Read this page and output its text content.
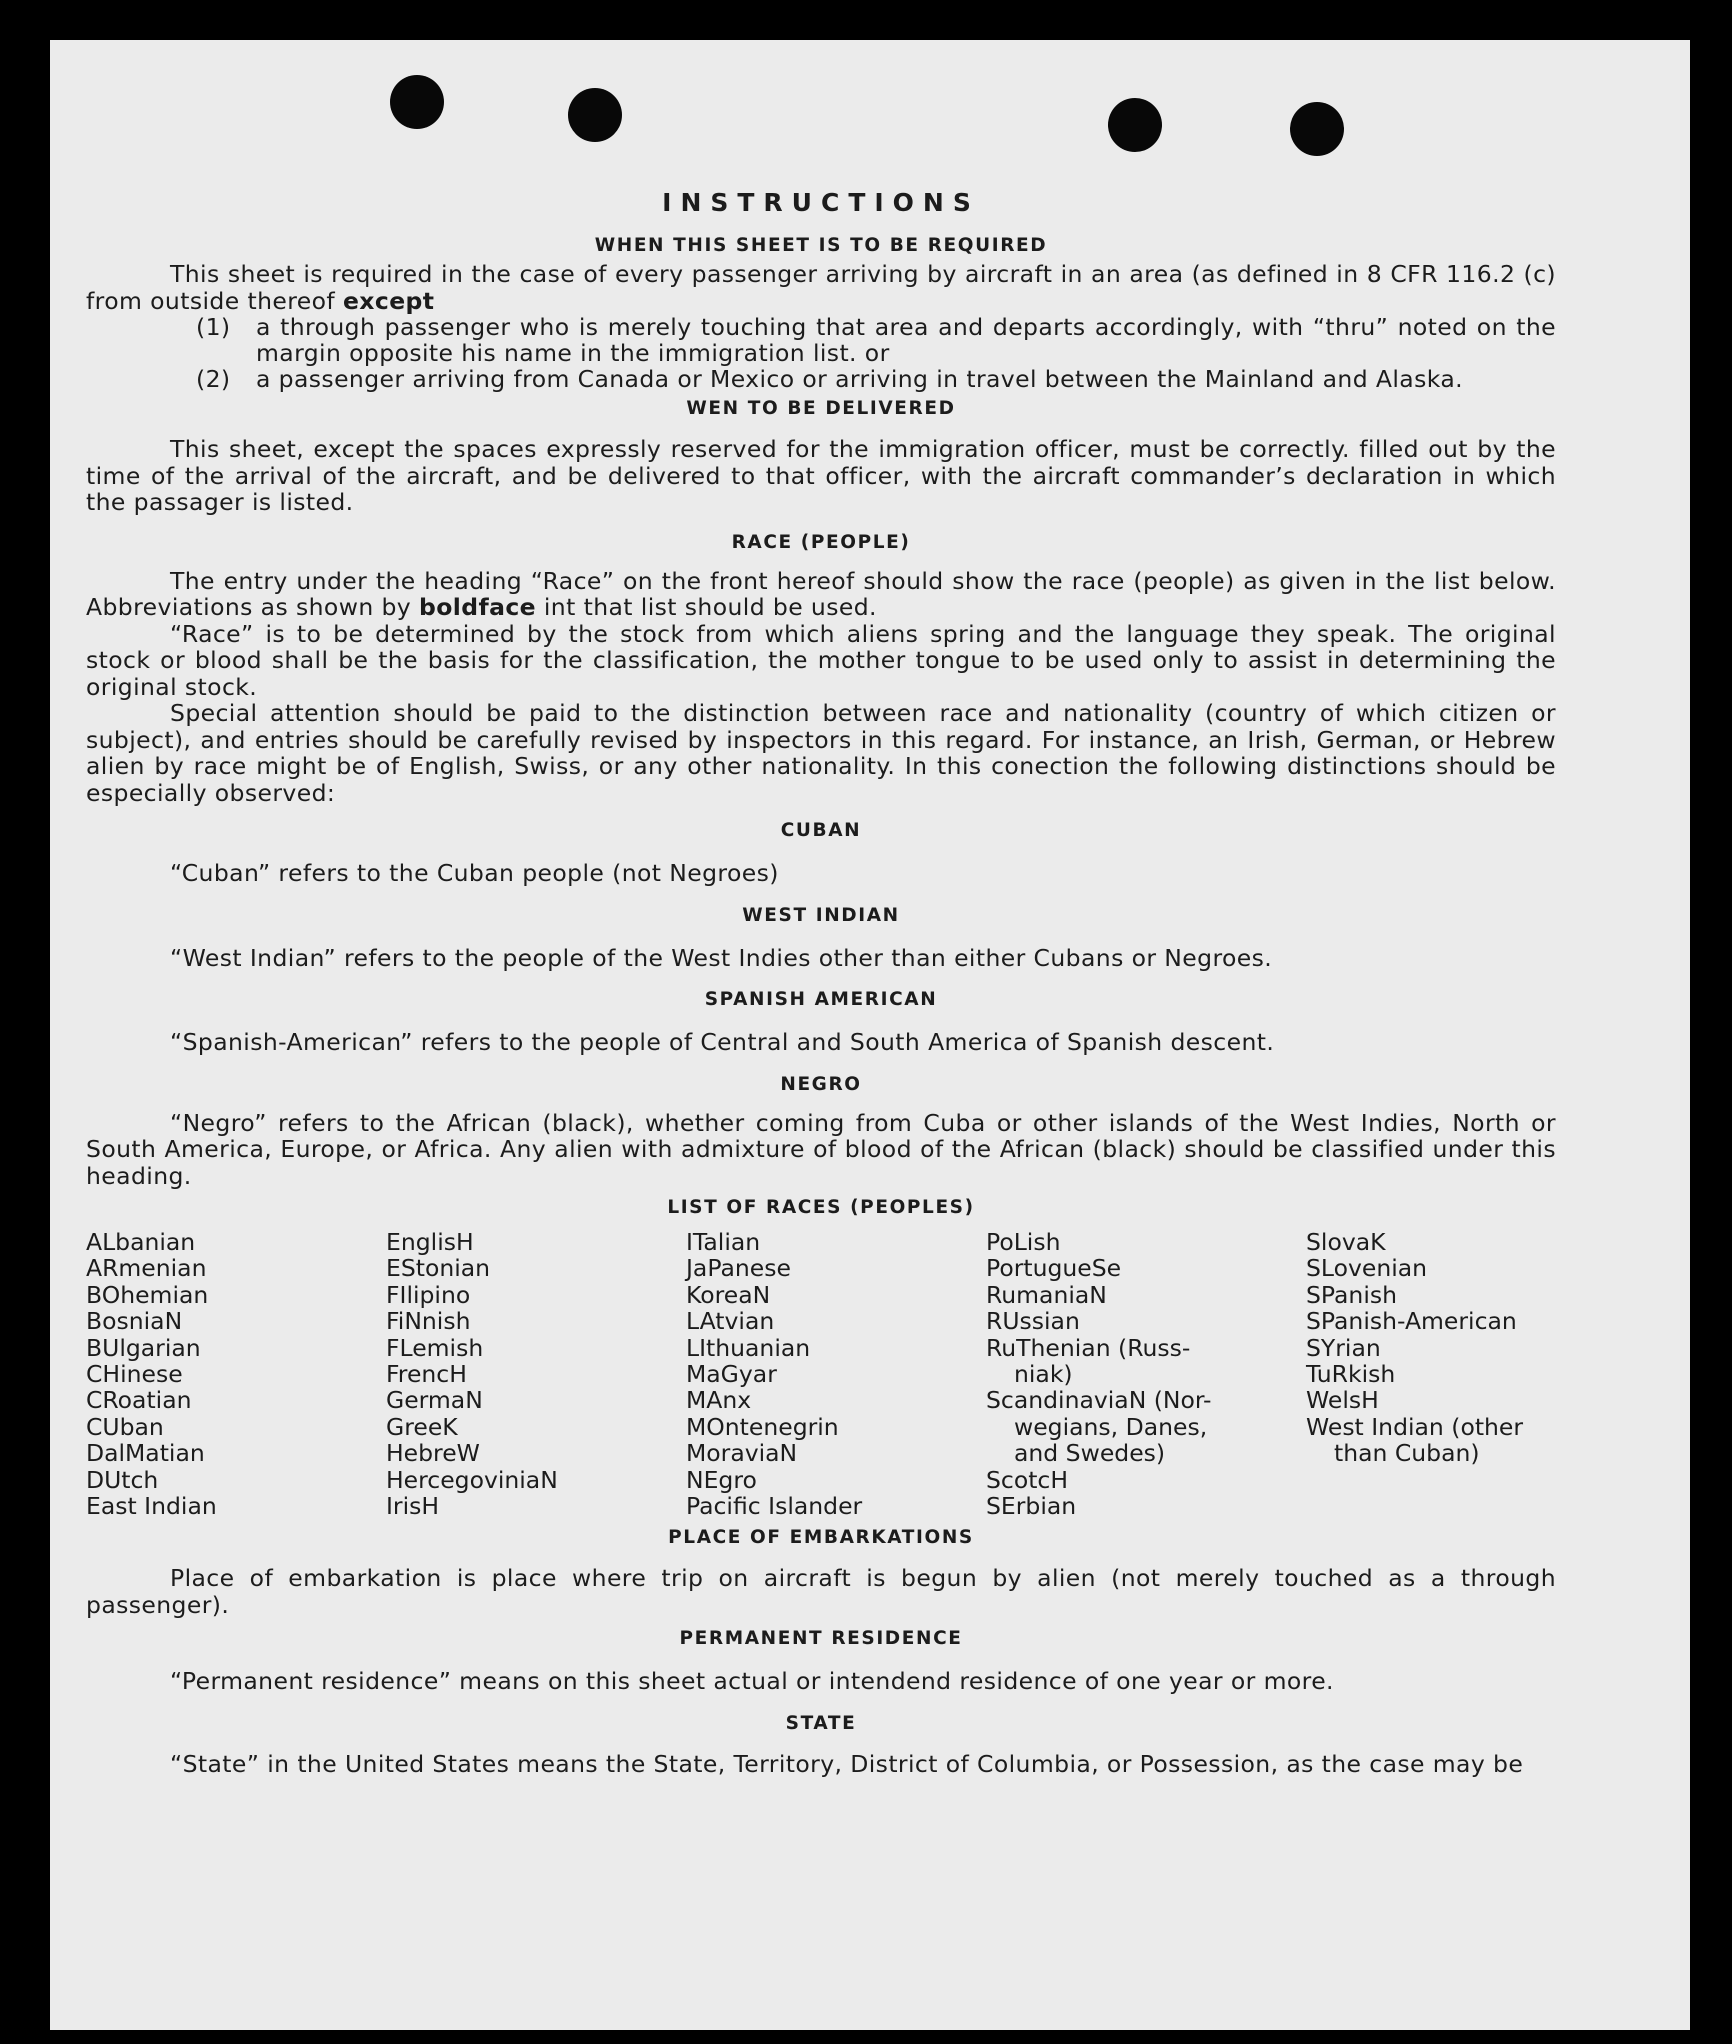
INSTRUCTIONS
WHEN THIS SHEET IS TO BE REQUIRED

This sheet is required in the case of every passenger arriving by aircraft in an area (as defined in 8 CFR 116.2 (c) from outside thereof except

(1)	a through passenger who is merely touching that area and departs accordingly, with “thru” noted on the margin opposite his name in the immigration list. or
(2)	a passenger arriving from Canada or Mexico or arriving in travel between the Mainland and Alaska.
WEN TO BE DELIVERED

This sheet, except the spaces expressly reserved for the immigration officer, must be correctly. filled out by the time of the arrival of the aircraft, and be delivered to that officer, with the aircraft commander’s declaration in which the passager is listed.

RACE (PEOPLE)

The entry under the heading “Race” on the front hereof should show the race (people) as given in the list below. Abbreviations as shown by boldface int that list should be used.

“Race” is to be determined by the stock from which aliens spring and the language they speak. The original stock or blood shall be the basis for the classification, the mother tongue to be used only to assist in determining the original stock.

Special attention should be paid to the distinction between race and nationality (country of which citizen or subject), and entries should be carefully revised by inspectors in this regard. For instance, an Irish, German, or Hebrew alien by race might be of English, Swiss, or any other nationality. In this conection the following distinctions should be especially observed:

CUBAN

“Cuban” refers to the Cuban people (not Negroes)

WEST INDIAN

“West Indian” refers to the people of the West Indies other than either Cubans or Negroes.

SPANISH AMERICAN

“Spanish-American” refers to the people of Central and South America of Spanish descent.

NEGRO

“Negro” refers to the African (black), whether coming from Cuba or other islands of the West Indies, North or South America, Europe, or Africa. Any alien with admixture of blood of the African (black) should be classified under this heading.

LIST OF RACES (PEOPLES)
ALbanian
ARmenian
BOhemian
BosniaN
BUlgarian
CHinese
CRoatian
CUban
DalMatian
DUtch
East Indian
EnglisH
EStonian
FIlipino
FiNnish
FLemish
FrencH
GermaN
GreeK
HebreW
HercegoviniaN
IrisH
ITalian
JaPanese
KoreaN
LAtvian
LIthuanian
MaGyar
MAnx
MOntenegrin
MoraviaN
NEgro
Pacific Islander
PoLish
PortugueSe
RumaniaN
RUssian
RuThenian (Russ-
niak)
ScandinaviaN (Nor-
wegians, Danes,
and Swedes)
ScotcH
SErbian
SlovaK
SLovenian
SPanish
SPanish-American
SYrian
TuRkish
WelsH
West Indian (other
than Cuban)
PLACE OF EMBARKATIONS

Place of embarkation is place where trip on aircraft is begun by alien (not merely touched as a through passenger).

PERMANENT RESIDENCE

“Permanent residence” means on this sheet actual or intendend residence of one year or more.

STATE

“State” in the United States means the State, Territory, District of Columbia, or Possession, as the case may be
